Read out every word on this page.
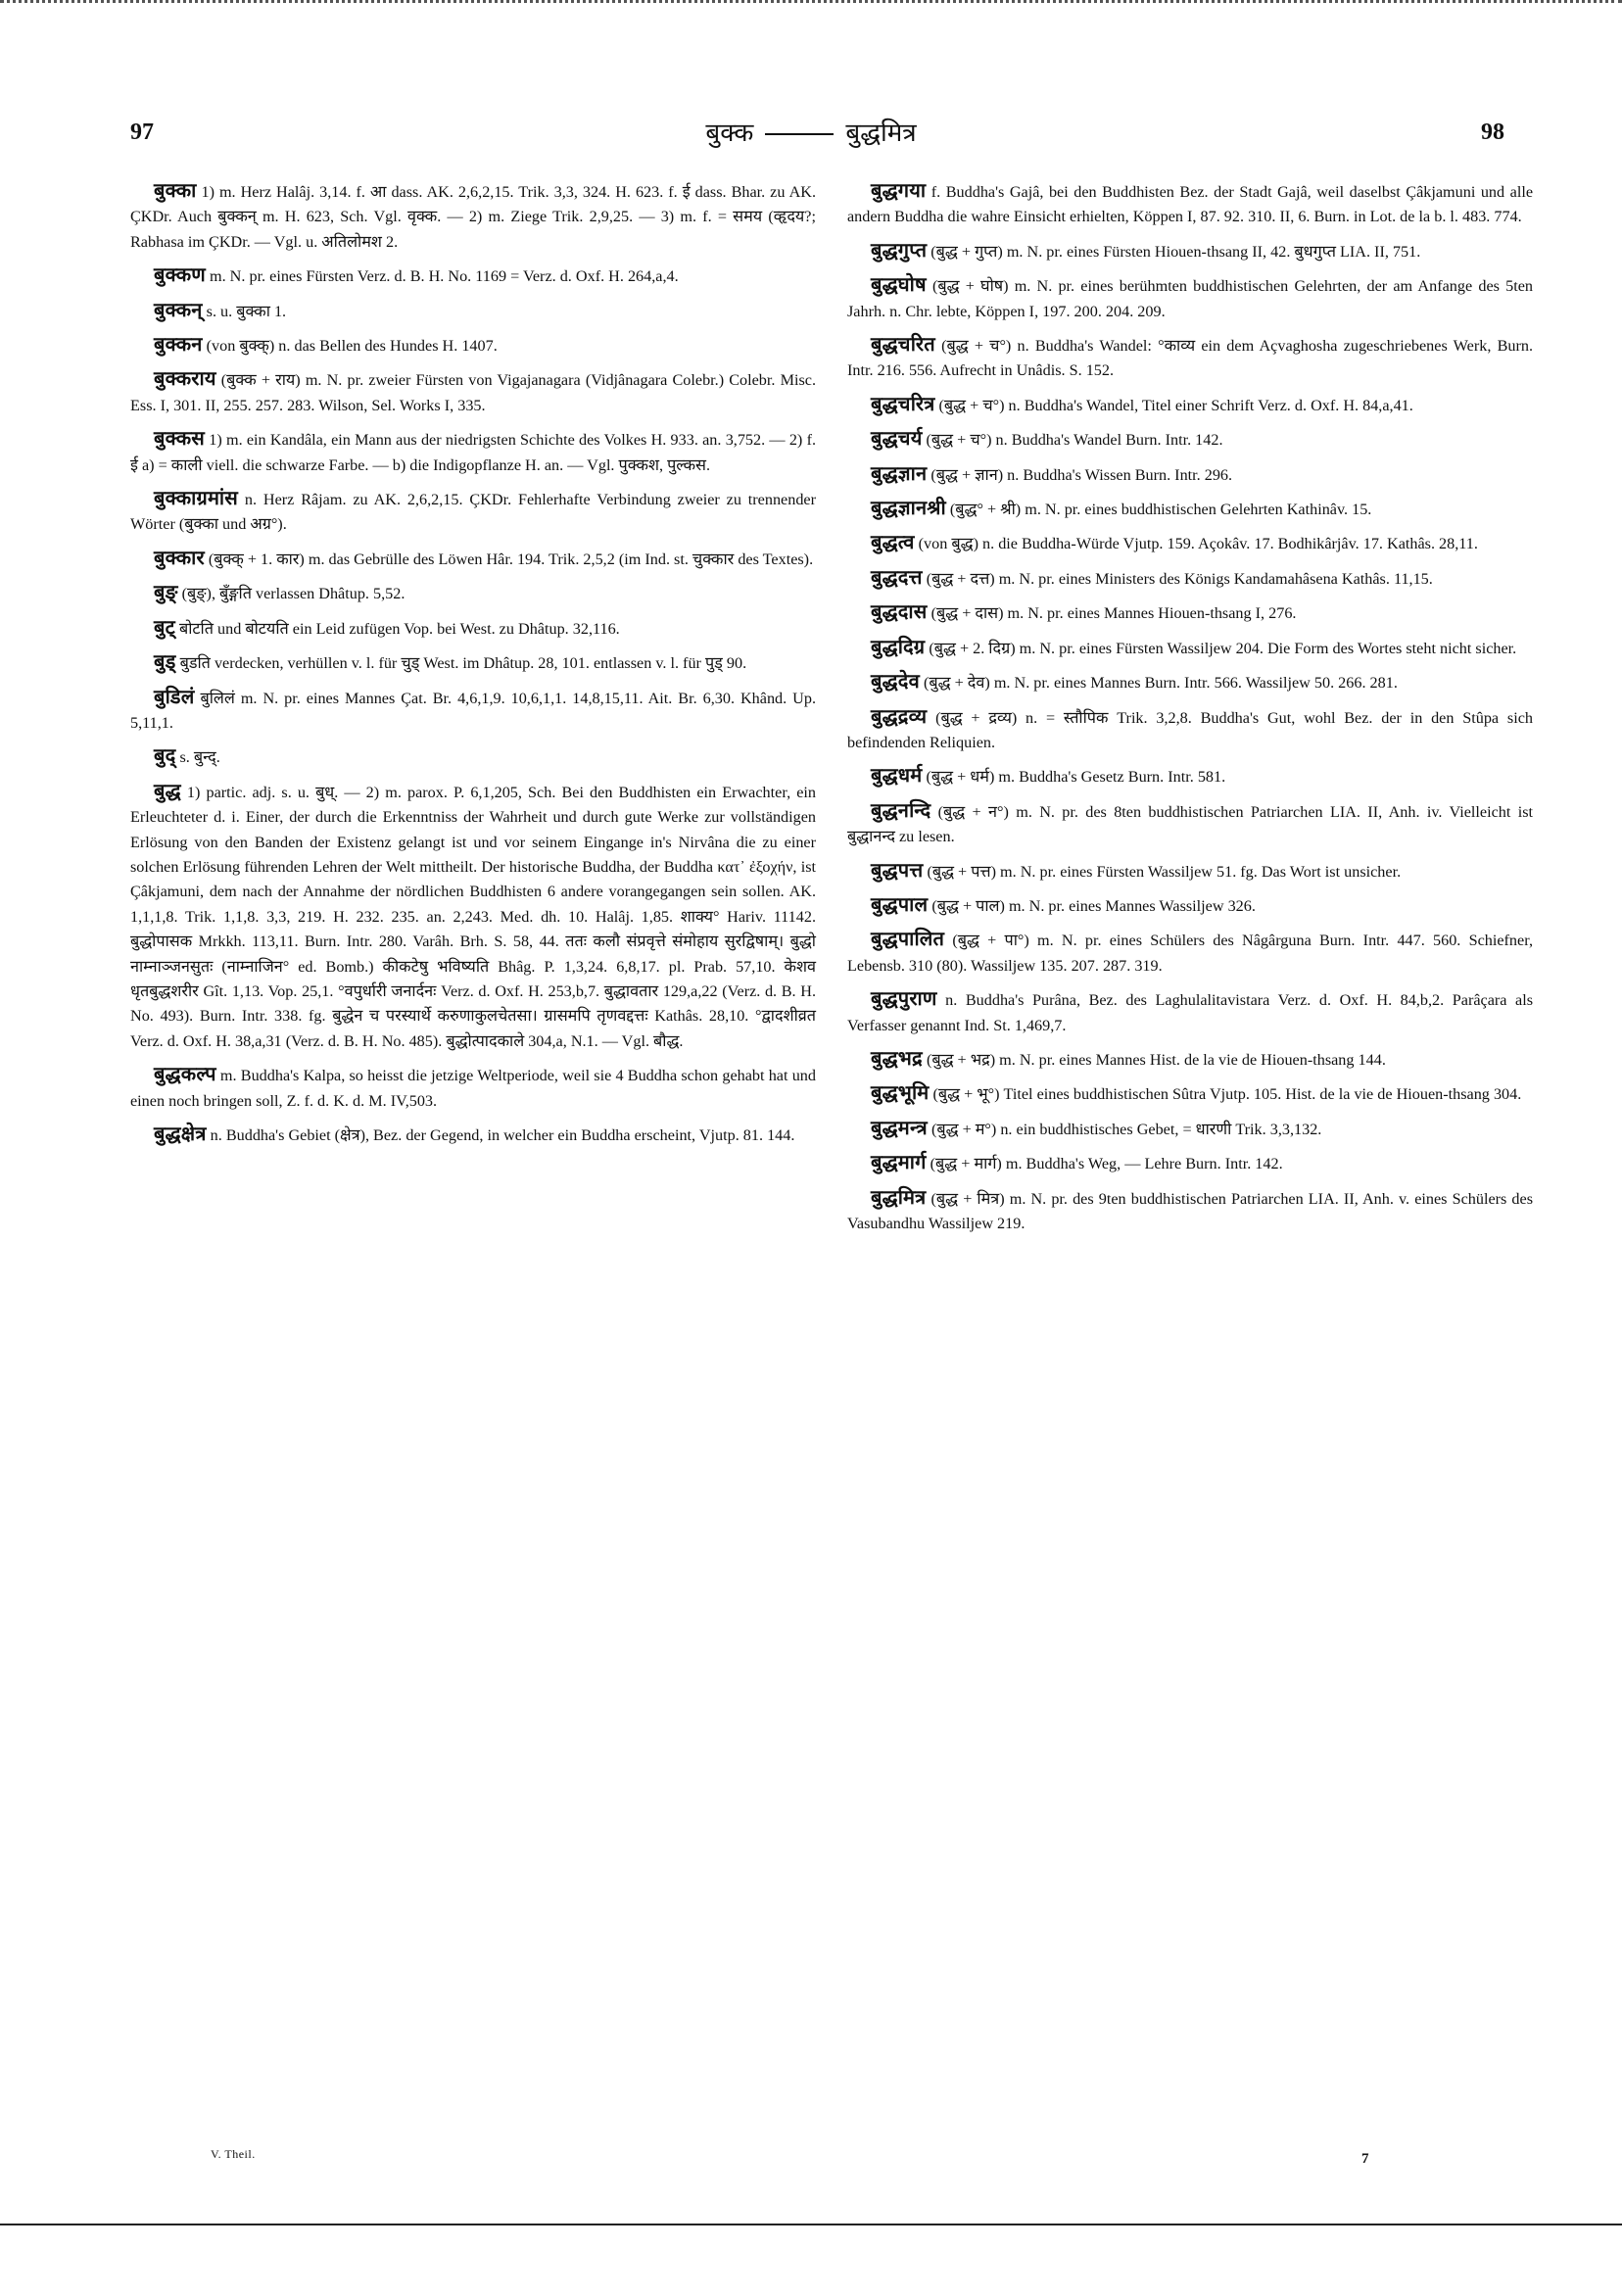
97	बुक्क	बुद्धमित्र	98

बुक्का 1) m. Herz Halâj. 3,14. f. आ dass. AK. 2,6,2,15. Trik. 3,3, 324. H. 623. f. ई dass. Bhar. zu AK. ÇKDr. Auch बुक्कन् m. H. 623, Sch. Vgl. वृक्क. — 2) m. Ziege Trik. 2,9,25. — 3) m. f. = समय (व्हृदय?; Rabhasa im ÇKDr. — Vgl. u. अतिलोमश 2.

बुक्कण m. N. pr. eines Fürsten Verz. d. B. H. No. 1169 = Verz. d. Oxf. H. 264,a,4.

बुक्कन् s. u. बुक्का 1.

बुक्कन (von बुक्क्) n. das Bellen des Hundes H. 1407.

बुक्कराय (बुक्क + राय) m. N. pr. zweier Fürsten von Vigajanagara (Vidjânagara Colebr.) Colebr. Misc. Ess. I, 301. II, 255. 257. 283. Wilson, Sel. Works I, 335.

बुक्कस 1) m. ein Kandâla, ein Mann aus der niedrigsten Schichte des Volkes H. 933. an. 3,752. — 2) f. ई a) = काली viell. die schwarze Farbe. — b) die Indigopflanze H. an. — Vgl. पुक्कश, पुल्कस.

बुक्काग्रमांस n. Herz Râjam. zu AK. 2,6,2,15. ÇKDr. Fehlerhafte Verbindung zweier zu trennender Wörter (बुक्का und अग्र°).

बुक्कार (बुक्क् + 1. कार) m. das Gebrülle des Löwen Hâr. 194. Trik. 2,5,2 (im Ind. st. चुक्कार des Textes).

बुङ् (बुङ्), बुँङ्गति verlassen Dhâtup. 5,52.

बुट् बोटति und बोटयति ein Leid zufügen Vop. bei West. zu Dhâtup. 32,116.

बुड् बुडति verdecken, verhüllen v. l. für चुड् West. im Dhâtup. 28, 101. entlassen v. l. für पुड् 90.

बुडिलं बुलिलं m. N. pr. eines Mannes Çat. Br. 4,6,1,9. 10,6,1,1. 14,8,15,11. Ait. Br. 6,30. Khând. Up. 5,11,1.

बुद् s. बुन्द्.

बुद्ध 1) partic. adj. s. u. बुध्. — 2) m. parox. P. 6,1,205, Sch. Bei den Buddhisten ein Erwachter, ein Erleuchteter d. i. Einer, der durch die Erkenntniss der Wahrheit und durch gute Werke zur vollständigen Erlösung von den Banden der Existenz gelangt ist und vor seinem Eingange in's Nirvâna die zu einer solchen Erlösung führenden Lehren der Welt mittheilt. Der historische Buddha, der Buddha κατ᾽ ἐξοχήν, ist Çâkjamuni, dem nach der Annahme der nördlichen Buddhisten 6 andere vorangegangen sein sollen. AK. 1,1,1,8. Trik. 1,1,8. 3,3, 219. H. 232. 235. an. 2,243. Med. dh. 10. Halâj. 1,85. शाक्य° Hariv. 11142. बुद्धोपासक Mrkkh. 113,11. Burn. Intr. 280. Varâh. Brh. S. 58, 44. ततः कलौ संप्रवृत्ते संमोहाय सुरद्विषाम्। बुद्धो नाम्नाञ्जनसुतः (नाम्नाजिन° ed. Bomb.) कीकटेषु भविष्यति Bhâg. P. 1,3,24. 6,8,17. pl. Prab. 57,10. केशव धृतबुद्धशरीर Gît. 1,13. Vop. 25,1. °वपुर्धारी जनार्दनः Verz. d. Oxf. H. 253,b,7. बुद्धावतार 129,a,22 (Verz. d. B. H. No. 493). Burn. Intr. 338. fg. बुद्धेन च परस्यार्थे करुणाकुलचेतसा। ग्रासमपि तृणवद्दत्तः Kathâs. 28,10. °द्वादशीव्रत Verz. d. Oxf. H. 38,a,31 (Verz. d. B. H. No. 485). बुद्धोत्पादकाले 304,a, N.1. — Vgl. बौद्ध.

बुद्धकल्प m. Buddha's Kalpa, so heisst die jetzige Weltperiode, weil sie 4 Buddha schon gehabt hat und einen noch bringen soll, Z. f. d. K. d. M. IV,503.

बुद्धक्षेत्र n. Buddha's Gebiet (क्षेत्र), Bez. der Gegend, in welcher ein Buddha erscheint, Vjutp. 81. 144.

बुद्धगया f. Buddha's Gajâ, bei den Buddhisten Bez. der Stadt Gajâ, weil daselbst Çâkjamuni und alle andern Buddha die wahre Einsicht erhielten, Köppen I, 87. 92. 310. II, 6. Burn. in Lot. de la b. l. 483. 774.

बुद्धगुप्त (बुद्ध + गुप्त) m. N. pr. eines Fürsten Hiouen-thsang II, 42. बुधगुप्त LIA. II, 751.

बुद्धघोष (बुद्ध + घोष) m. N. pr. eines berühmten buddhistischen Gelehrten, der am Anfange des 5ten Jahrh. n. Chr. lebte, Köppen I, 197. 200. 204. 209.

बुद्धचरित (बुद्ध + च°) n. Buddha's Wandel: °काव्य ein dem Açvaghosha zugeschriebenes Werk, Burn. Intr. 216. 556. Aufrecht in Unâdis. S. 152.

बुद्धचरित्र (बुद्ध + च°) n. Buddha's Wandel, Titel einer Schrift Verz. d. Oxf. H. 84,a,41.

बुद्धचर्य (बुद्ध + च°) n. Buddha's Wandel Burn. Intr. 142.

बुद्धज्ञान (बुद्ध + ज्ञान) n. Buddha's Wissen Burn. Intr. 296.

बुद्धज्ञानश्री (बुद्ध° + श्री) m. N. pr. eines buddhistischen Gelehrten Kathinâv. 15.

बुद्धत्व (von बुद्ध) n. die Buddha-Würde Vjutp. 159. Açokâv. 17. Bodhikârjâv. 17. Kathâs. 28,11.

बुद्धदत्त (बुद्ध + दत्त) m. N. pr. eines Ministers des Königs Kandamahâsena Kathâs. 11,15.

बुद्धदास (बुद्ध + दास) m. N. pr. eines Mannes Hiouen-thsang I, 276.

बुद्धदिग्र (बुद्ध + 2. दिग्र) m. N. pr. eines Fürsten Wassiljew 204. Die Form des Wortes steht nicht sicher.

बुद्धदेव (बुद्ध + देव) m. N. pr. eines Mannes Burn. Intr. 566. Wassiljew 50. 266. 281.

बुद्धद्रव्य (बुद्ध + द्रव्य) n. = स्तौपिक Trik. 3,2,8. Buddha's Gut, wohl Bez. der in den Stûpa sich befindenden Reliquien.

बुद्धधर्म (बुद्ध + धर्म) m. Buddha's Gesetz Burn. Intr. 581.

बुद्धनन्दि (बुद्ध + न°) m. N. pr. des 8ten buddhistischen Patriarchen LIA. II, Anh. iv. Vielleicht ist बुद्धानन्द zu lesen.

बुद्धपत्त (बुद्ध + पत्त) m. N. pr. eines Fürsten Wassiljew 51. fg. Das Wort ist unsicher.

बुद्धपाल (बुद्ध + पाल) m. N. pr. eines Mannes Wassiljew 326.

बुद्धपालित (बुद्ध + पा°) m. N. pr. eines Schülers des Nâgârguna Burn. Intr. 447. 560. Schiefner, Lebensb. 310 (80). Wassiljew 135. 207. 287. 319.

बुद्धपुराण n. Buddha's Purâna, Bez. des Laghulalitavistara Verz. d. Oxf. H. 84,b,2. Parâçara als Verfasser genannt Ind. St. 1,469,7.

बुद्धभद्र (बुद्ध + भद्र) m. N. pr. eines Mannes Hist. de la vie de Hiouen-thsang 144.

बुद्धभूमि (बुद्ध + भू°) Titel eines buddhistischen Sûtra Vjutp. 105. Hist. de la vie de Hiouen-thsang 304.

बुद्धमन्त्र (बुद्ध + म°) n. ein buddhistisches Gebet, = धारणी Trik. 3,3,132.

बुद्धमार्ग (बुद्ध + मार्ग) m. Buddha's Weg, — Lehre Burn. Intr. 142.

बुद्धमित्र (बुद्ध + मित्र) m. N. pr. des 9ten buddhistischen Patriarchen LIA. II, Anh. v. eines Schülers des Vasubandhu Wassiljew 219.

V. Theil.	7
